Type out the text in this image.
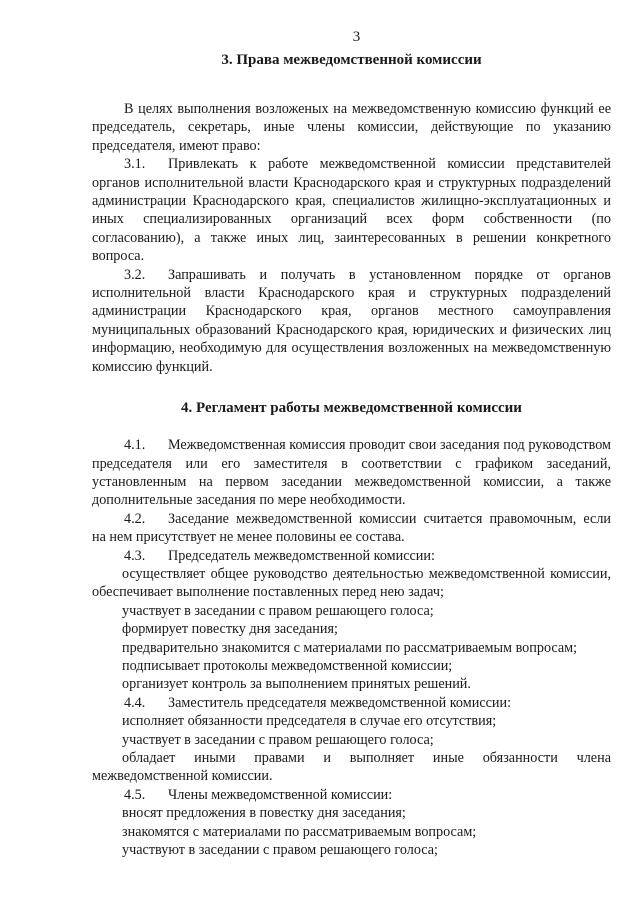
3
3. Права межведомственной комиссии

В целях выполнения возложеных на межведомственную комиссию функций ее председатель, секретарь, иные члены комиссии, действующие по указанию председателя, имеют право:

3.1. Привлекать к работе межведомственной комиссии представителей органов исполнительной власти Краснодарского края и структурных подразделений администрации Краснодарского края, специалистов жилищно-эксплуатационных и иных специализированных организаций всех форм собственности (по согласованию), а также иных лиц, заинтересованных в решении конкретного вопроса.

3.2. Запрашивать и получать в установленном порядке от органов исполнительной власти Краснодарского края и структурных подразделений администрации Краснодарского края, органов местного самоуправления муниципальных образований Краснодарского края, юридических и физических лиц информацию, необходимую для осуществления возложенных на межведомственную комиссию функций.

4. Регламент работы межведомственной комиссии

4.1. Межведомственная комиссия проводит свои заседания под руководством председателя или его заместителя в соответствии с графиком заседаний, установленным на первом заседании межведомственной комиссии, а также дополнительные заседания по мере необходимости.

4.2. Заседание межведомственной комиссии считается правомочным, если на нем присутствует не менее половины ее состава.

4.3. Председатель межведомственной комиссии:

осуществляет общее руководство деятельностью межведомственной комиссии, обеспечивает выполнение поставленных перед нею задач;

участвует в заседании с правом решающего голоса;

формирует повестку дня заседания;

предварительно знакомится с материалами по рассматриваемым вопросам;

подписывает протоколы межведомственной комиссии;

организует контроль за выполнением принятых решений.

4.4. Заместитель председателя межведомственной комиссии:

исполняет обязанности председателя в случае его отсутствия;

участвует в заседании с правом решающего голоса;

обладает иными правами и выполняет иные обязанности члена межведомственной комиссии.

4.5. Члены межведомственной комиссии:

вносят предложения в повестку дня заседания;

знакомятся с материалами по рассматриваемым вопросам;

участвуют в заседании с правом решающего голоса;
